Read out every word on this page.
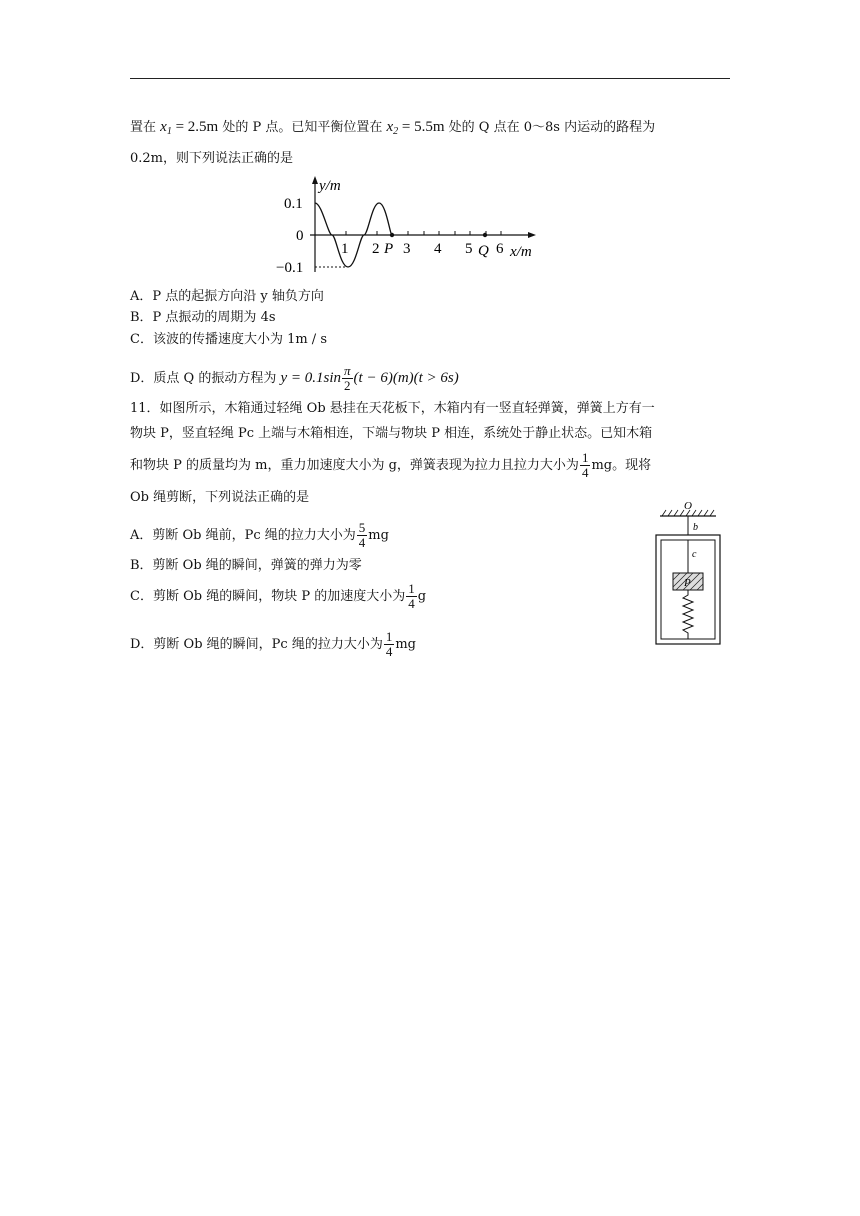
置在 $x_1 = 2.5m$ 处的 P 点。已知平衡位置在 $x_2 = 5.5m$ 处的 Q 点在 0～8s 内运动的路程为
0.2m，则下列说法正确的是
y/m
0.1
0
−0.1
1 2 P 3 4 5 Q 6 x/m
A．P 点的起振方向沿 y 轴负方向
B．P 点振动的周期为 4s
C．该波的传播速度大小为 1m / s
D．质点 Q 的振动方程为 $y = 0.1\sin \frac{\pi}{2} (t - 6)(m)(t > 6s)$
11．如图所示，木箱通过轻绳 Ob 悬挂在天花板下，木箱内有一竖直轻弹簧，弹簧上方有一
物块 P，竖直轻绳 Pc 上端与木箱相连，下端与物块 P 相连，系统处于静止状态。已知木箱
和物块 P 的质量均为 m，重力加速度大小为 g，弹簧表现为拉力且拉力大小为 $\frac{1}{4}$ mg。现将
Ob 绳剪断，下列说法正确的是
A．剪断 Ob 绳前，Pc 绳的拉力大小为 $\frac{5}{4}$ mg
B．剪断 Ob 绳的瞬间，弹簧的弹力为零
C．剪断 Ob 绳的瞬间，物块 P 的加速度大小为 $\frac{1}{4}$ g
D．剪断 Ob 绳的瞬间，Pc 绳的拉力大小为 $\frac{1}{4}$ mg
O
b
c
P
